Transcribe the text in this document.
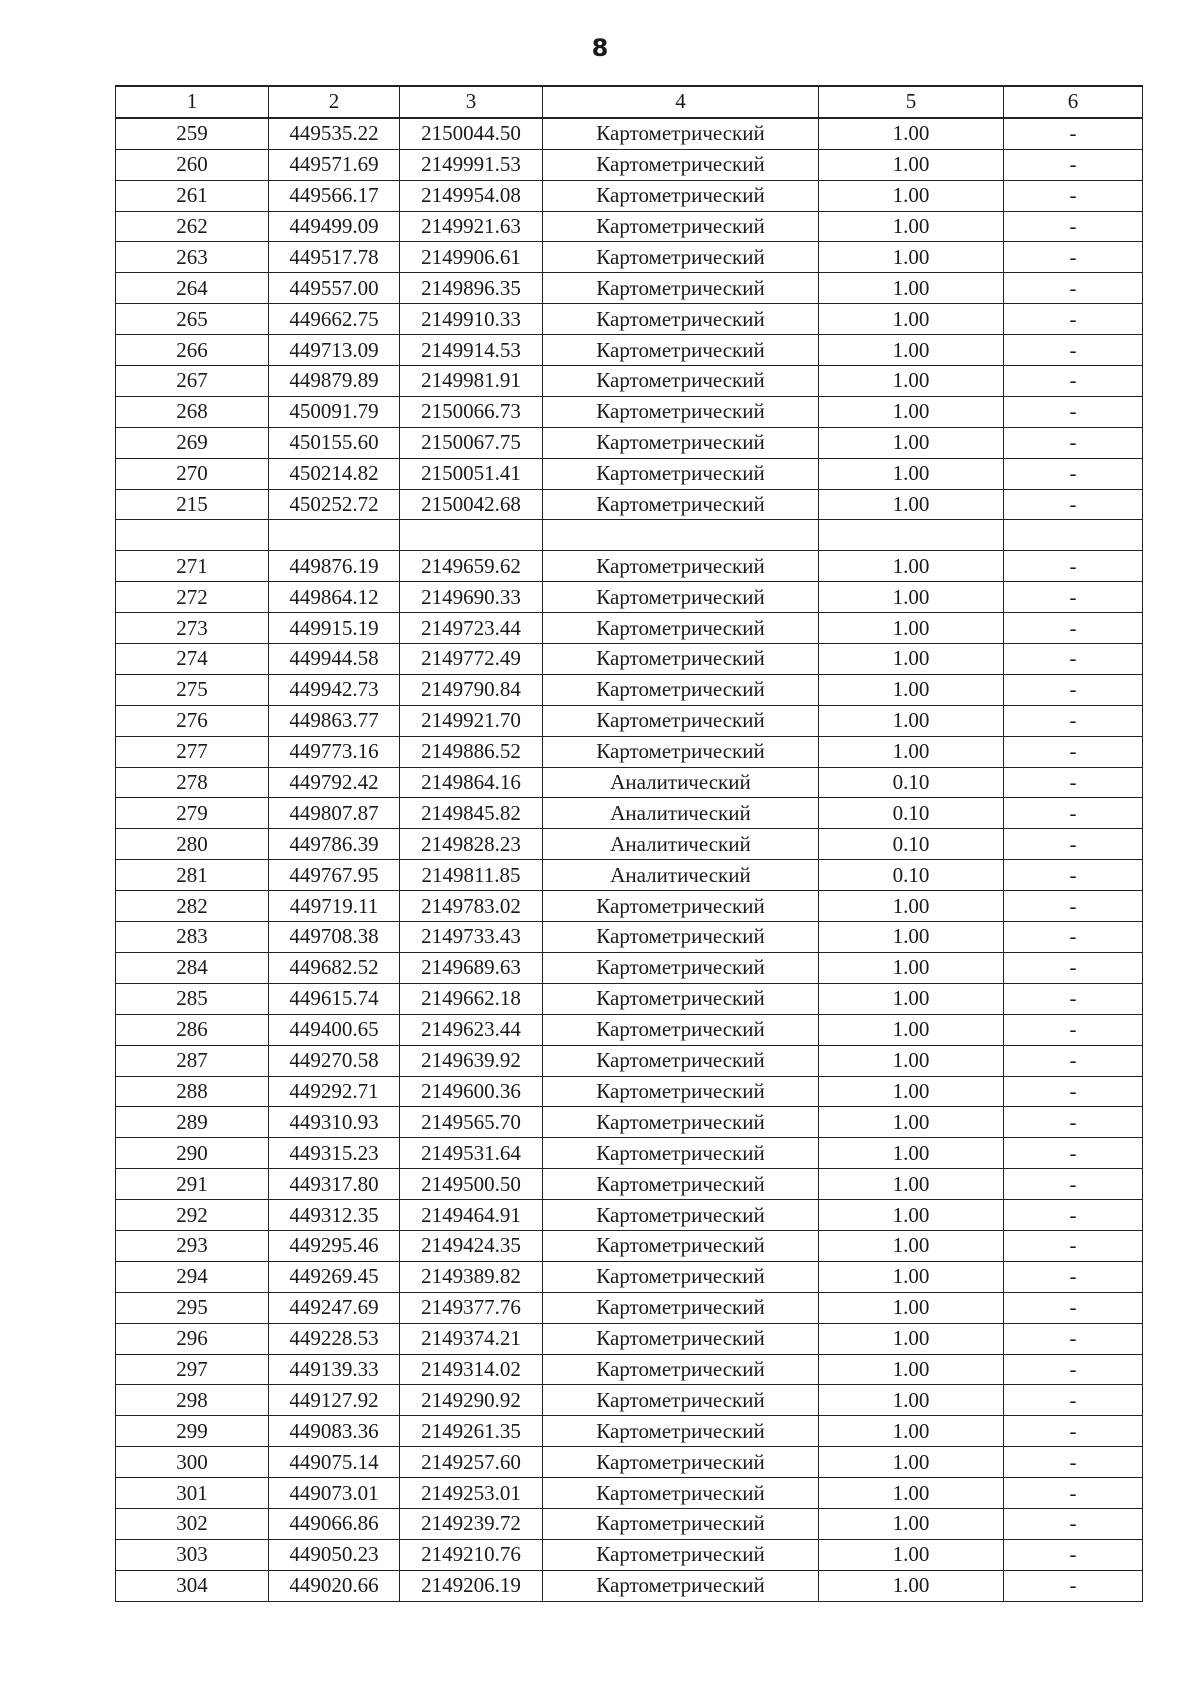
8
1	2	3	4	5	6
259	449535.22	2150044.50	Картометрический	1.00	-
260	449571.69	2149991.53	Картометрический	1.00	-
261	449566.17	2149954.08	Картометрический	1.00	-
262	449499.09	2149921.63	Картометрический	1.00	-
263	449517.78	2149906.61	Картометрический	1.00	-
264	449557.00	2149896.35	Картометрический	1.00	-
265	449662.75	2149910.33	Картометрический	1.00	-
266	449713.09	2149914.53	Картометрический	1.00	-
267	449879.89	2149981.91	Картометрический	1.00	-
268	450091.79	2150066.73	Картометрический	1.00	-
269	450155.60	2150067.75	Картометрический	1.00	-
270	450214.82	2150051.41	Картометрический	1.00	-
215	450252.72	2150042.68	Картометрический	1.00	-

271	449876.19	2149659.62	Картометрический	1.00	-
272	449864.12	2149690.33	Картометрический	1.00	-
273	449915.19	2149723.44	Картометрический	1.00	-
274	449944.58	2149772.49	Картометрический	1.00	-
275	449942.73	2149790.84	Картометрический	1.00	-
276	449863.77	2149921.70	Картометрический	1.00	-
277	449773.16	2149886.52	Картометрический	1.00	-
278	449792.42	2149864.16	Аналитический	0.10	-
279	449807.87	2149845.82	Аналитический	0.10	-
280	449786.39	2149828.23	Аналитический	0.10	-
281	449767.95	2149811.85	Аналитический	0.10	-
282	449719.11	2149783.02	Картометрический	1.00	-
283	449708.38	2149733.43	Картометрический	1.00	-
284	449682.52	2149689.63	Картометрический	1.00	-
285	449615.74	2149662.18	Картометрический	1.00	-
286	449400.65	2149623.44	Картометрический	1.00	-
287	449270.58	2149639.92	Картометрический	1.00	-
288	449292.71	2149600.36	Картометрический	1.00	-
289	449310.93	2149565.70	Картометрический	1.00	-
290	449315.23	2149531.64	Картометрический	1.00	-
291	449317.80	2149500.50	Картометрический	1.00	-
292	449312.35	2149464.91	Картометрический	1.00	-
293	449295.46	2149424.35	Картометрический	1.00	-
294	449269.45	2149389.82	Картометрический	1.00	-
295	449247.69	2149377.76	Картометрический	1.00	-
296	449228.53	2149374.21	Картометрический	1.00	-
297	449139.33	2149314.02	Картометрический	1.00	-
298	449127.92	2149290.92	Картометрический	1.00	-
299	449083.36	2149261.35	Картометрический	1.00	-
300	449075.14	2149257.60	Картометрический	1.00	-
301	449073.01	2149253.01	Картометрический	1.00	-
302	449066.86	2149239.72	Картометрический	1.00	-
303	449050.23	2149210.76	Картометрический	1.00	-
304	449020.66	2149206.19	Картометрический	1.00	-
